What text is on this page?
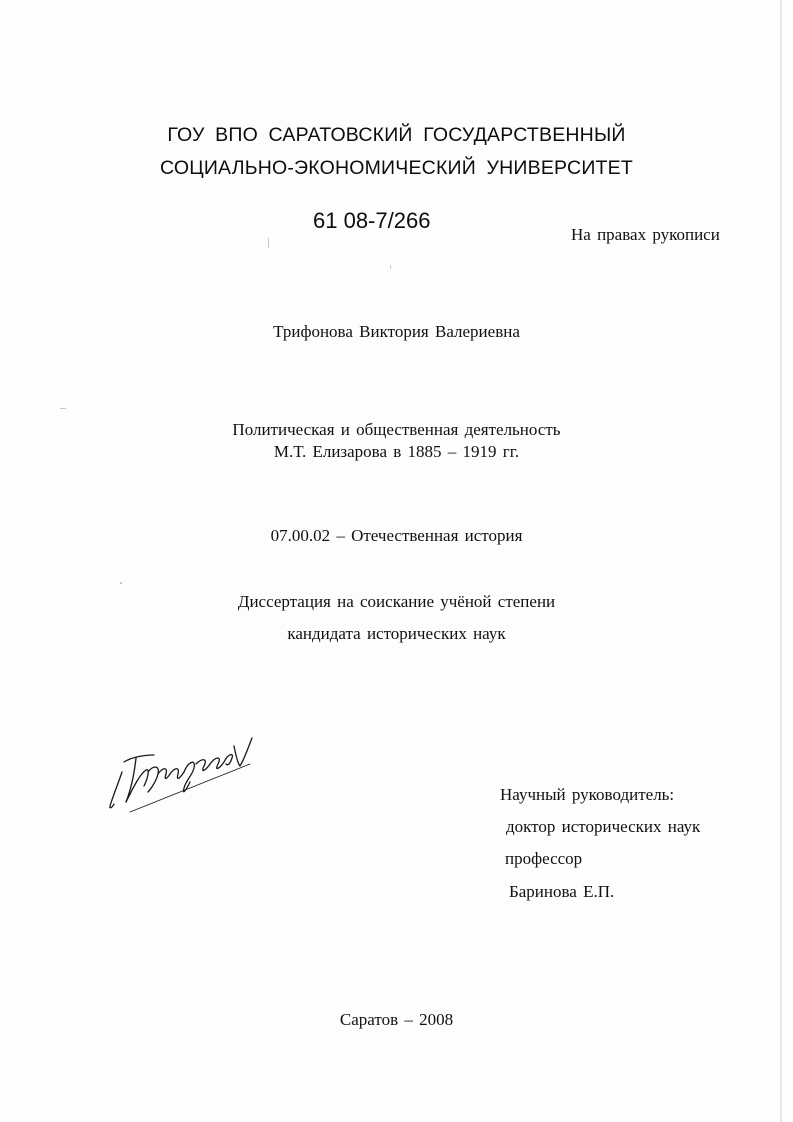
ГОУ ВПО САРАТОВСКИЙ ГОСУДАРСТВЕННЫЙ
СОЦИАЛЬНО-ЭКОНОМИЧЕСКИЙ УНИВЕРСИТЕТ
61 08-7/266
На правах рукописи
Трифонова Виктория Валериевна
Политическая и общественная деятельность
М.Т. Елизарова в 1885 – 1919 гг.
07.00.02 – Отечественная история
Диссертация на соискание учёной степени
кандидата исторических наук
Научный руководитель:
доктор исторических наук
профессор
Баринова Е.П.
Саратов – 2008
